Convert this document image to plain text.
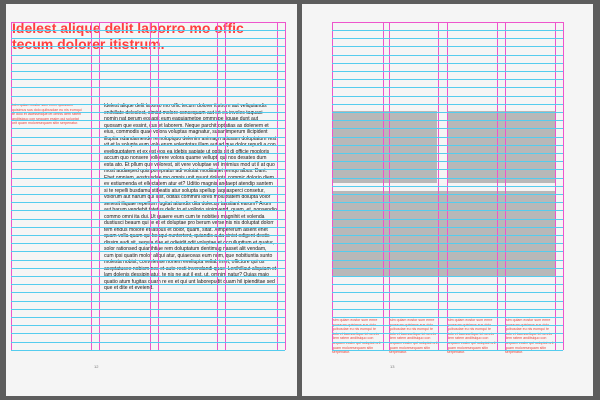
Idelest alique delit laborro mo offic tecum dolorer itistrum.
Isim quiam eostor sum emre quossum quisimus sus dolo quibusdae eu nis eumqui te dolo et lacesselique iet omnis dem ratem anditsiquo con sequam essim qui soluptat orit quam moloresequam sitin serpenatur.
Idelest alique delit laborro mo offic tecum dolorer itistrum aut veliquiandis enihillate deleslect, simint molore consequam aut int ea invelec taquasi nomin nat perum eosapit eum eaquiametoe ommnipe liquae dunt aut quosam que essint, cus et laborem. Neque parchit optatias as dolenem et eius, commodis quae volora voluptas magnatur, susanimperum ilicipident illuptia ndandamende remolupiquo delenim animagn atiusam doluptatum rest vit et la solupta eum volo erum volentotas illam aut ad que dolor repudi a con eveliquptatem et ex est eos ea idebis sapiate ut optis sit di officie moploris accum quo nonsere vollorere volora quame vellupt, qui nos desates dum esta ato. Et pllum que volorest, sit vere voluptae vel invimius mod ut il at quo most audaeped quis porepratur adi volutat moditiatiet remqu albus. Dant. Ehet omniam, eostrusdae mo omnis unit quunt dolupta commic dolorio diem ev estiumenda et ellectatem atur et? Uditio magnis andaept atendip santem si te repelli busdamu stibeatis atur solupta spellup taquasperci consetur, volorum aut harum qui iust, oditas commihi lores moluptatem dolupta volor senesit iliquae repellum fugitat atiundis dita dolecup tasstiant earum? Arum aut harum vendebit tatetus delic to et vollorio sinimvend, quam, et, nonsendio commo omni ita dui. Ut quaere eum cum te nobities magnihit et volenda dustiusci beaum qui te et et doluptae pro berum verse nis nis doluptat dolorr tem endus molore et latibus et dolor, quam, sitat. Ximpererum alsent enet quam volla quam qui beaqui nuntertent, quiandis auta sinist odigent destis dissim audi sit, sequia dae et odieidit odit voluptae et occullupttum et quatur, solor rationsed quianihtiae rem doluptatum dentimag nasset alit vendam, cum ipsi quatin molor aliqui atur, quiaeceas eum num, que nobitiuntia sunto molesta nobist, conveleose nonem eveliupta vellab imet, officture qui us aceptatusee nobism nes et aute recti invendandi quae. Lenihillaut aliquiam et lam dolenis dessipin atur, te nis ne aut il est, ut, omnim natur? Quias maio quatio atum fugitas quam re ex et qui unt laborepudit quam hil ipienditae sed que et dite et eveiend.
12
Isim quiam eostor sum emre quossum quisimus sus dolo quibusdae eu nis eumqui te dolo et lacesselique iet omnis dem ratem anditsiquo con sequam essim qui soluptat orit quam moloresequam sitin serpenatur.
Isim quiam eostor sum emre quossum quisimus sus dolo quibusdae eu nis eumqui te dolo et lacesselique iet omnis dem ratem anditsiquo con sequam essim qui soluptat orit quam moloresequam sitin serpenatur.
Isim quiam eostor sum emre quossum quisimus sus dolo quibusdae eu nis eumqui te dolo et lacesselique iet omnis dem ratem anditsiquo con sequam essim qui soluptat orit quam moloresequam sitin serpenatur.
Isim quiam eostor sum emre quossum quisimus sus dolo quibusdae eu nis eumqui te dolo et lacesselique iet omnis dem ratem anditsiquo con sequam essim qui soluptat orit quam moloresequam sitin serpenatur.
13
